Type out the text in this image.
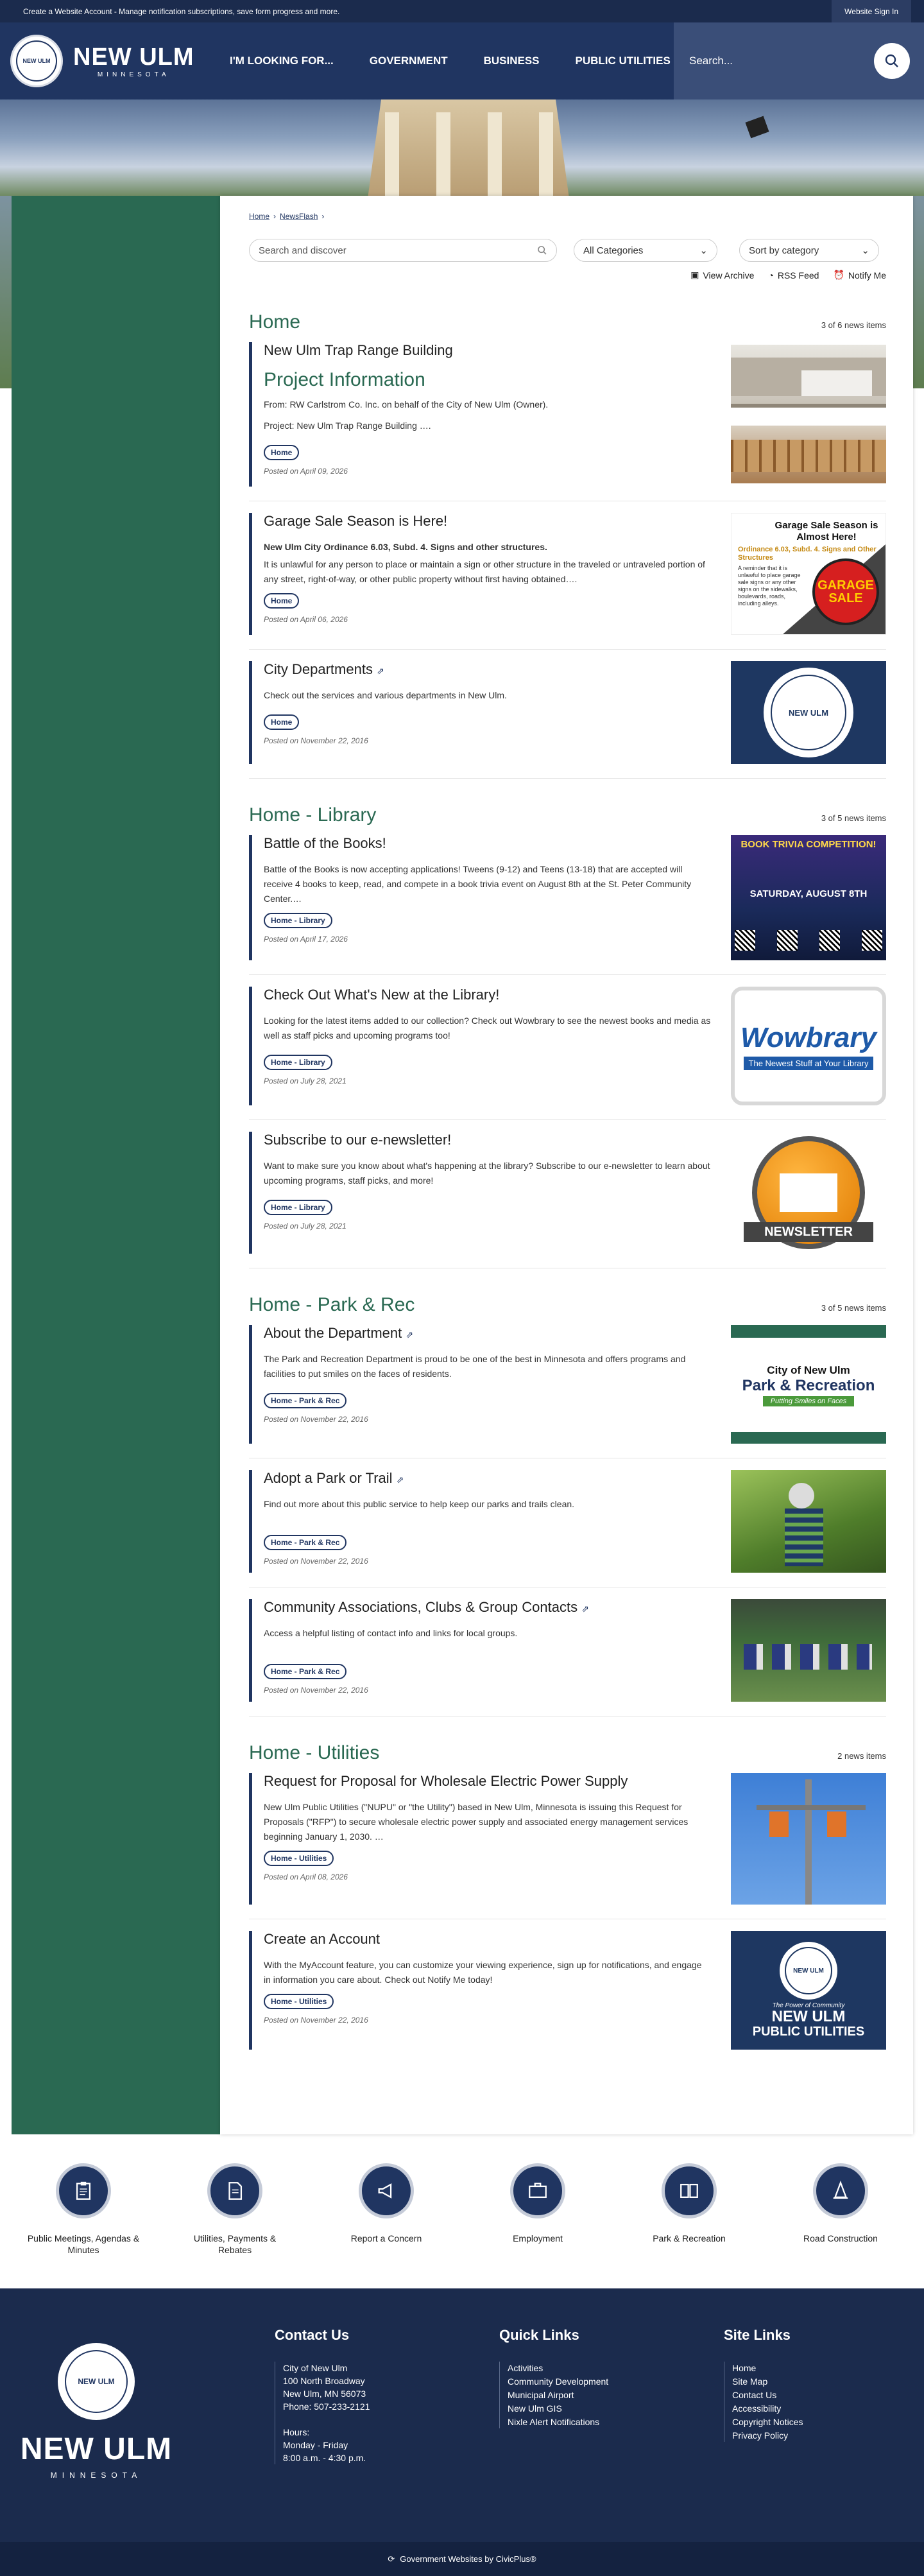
Create a Website Account - Manage notification subscriptions, save form progress and more.	Website Sign In
NEW ULM NEW ULM
MINNESOTA
I'M LOOKING FOR...	GOVERNMENT	BUSINESS	PUBLIC UTILITIES	Search...
Home › NewsFlash ›
Search and discover	All Categories	⌄	Sort by category	⌄
▣ View Archive ◔ RSS Feed ⏰ Notify Me
Home	3 of 6 news items
New Ulm Trap Range Building
Project Information

From: RW Carlstrom Co. Inc. on behalf of the City of New Ulm (Owner).

Project: New Ulm Trap Range Building ….

Home
Posted on April 09, 2026
Garage Sale Season is Here!

New Ulm City Ordinance 6.03, Subd. 4. Signs and other structures.

It is unlawful for any person to place or maintain a sign or other structure in the traveled or untraveled portion of any street, right-of-way, or other public property without first having obtained….

Home
Posted on April 06, 2026
Garage Sale Season is Almost Here!
Ordinance 6.03, Subd. 4. Signs and Other Structures
A reminder that it is unlawful to place garage sale signs or any other signs on the sidewalks, boulevards, roads, including alleys.
GARAGE SALE
City Departments ⇗

Check out the services and various departments in New Ulm.

Home
Posted on November 22, 2016
NEW ULM
Home - Library	3 of 5 news items
Battle of the Books!

Battle of the Books is now accepting applications! Tweens (9-12) and Teens (13-18) that are accepted will receive 4 books to keep, read, and compete in a book trivia event on August 8th at the St. Peter Community Center.…

Home - Library
Posted on April 17, 2026
BOOK TRIVIA COMPETITION!
SATURDAY, AUGUST 8TH
Check Out What's New at the Library!

Looking for the latest items added to our collection? Check out Wowbrary to see the newest books and media as well as staff picks and upcoming programs too!

Home - Library
Posted on July 28, 2021
Wowbrary
The Newest Stuff at Your Library
Subscribe to our e-newsletter!

Want to make sure you know about what's happening at the library? Subscribe to our e-newsletter to learn about upcoming programs, staff picks, and more!

Home - Library
Posted on July 28, 2021	NEWSLETTER
Home - Park & Rec	3 of 5 news items
About the Department ⇗

The Park and Recreation Department is proud to be one of the best in Minnesota and offers programs and facilities to put smiles on the faces of residents.

Home - Park & Rec
Posted on November 22, 2016
City of New Ulm
Park & Recreation
Putting Smiles on Faces
Adopt a Park or Trail ⇗

Find out more about this public service to help keep our parks and trails clean.

Home - Park & Rec
Posted on November 22, 2016
Community Associations, Clubs & Group Contacts ⇗

Access a helpful listing of contact info and links for local groups.

Home - Park & Rec
Posted on November 22, 2016
Home - Utilities	2 news items
Request for Proposal for Wholesale Electric Power Supply

New Ulm Public Utilities ("NUPU" or "the Utility") based in New Ulm, Minnesota is issuing this Request for Proposals ("RFP") to secure wholesale electric power supply and associated energy management services beginning January 1, 2030. …

Home - Utilities
Posted on April 08, 2026
Create an Account

With the MyAccount feature, you can customize your viewing experience, sign up for notifications, and engage in information you care about. Check out Notify Me today!

Home - Utilities
Posted on November 22, 2016
NEW ULM
The Power of Community
NEW ULM
PUBLIC UTILITIES
Public Meetings, Agendas & Minutes
Utilities, Payments & Rebates
Report a Concern	Employment	Park & Recreation	Road Construction
NEW ULM
NEW ULM
MINNESOTA
Contact Us
City of New Ulm
100 North Broadway
New Ulm, MN 56073
Phone: 507-233-2121
Hours:
Monday - Friday
8:00 a.m. - 4:30 p.m.
Quick Links
Activities
Community Development
Municipal Airport
New Ulm GIS
Nixle Alert Notifications
Site Links
Home
Site Map
Contact Us
Accessibility
Copyright Notices
Privacy Policy
⟳ Government Websites by CivicPlus®
